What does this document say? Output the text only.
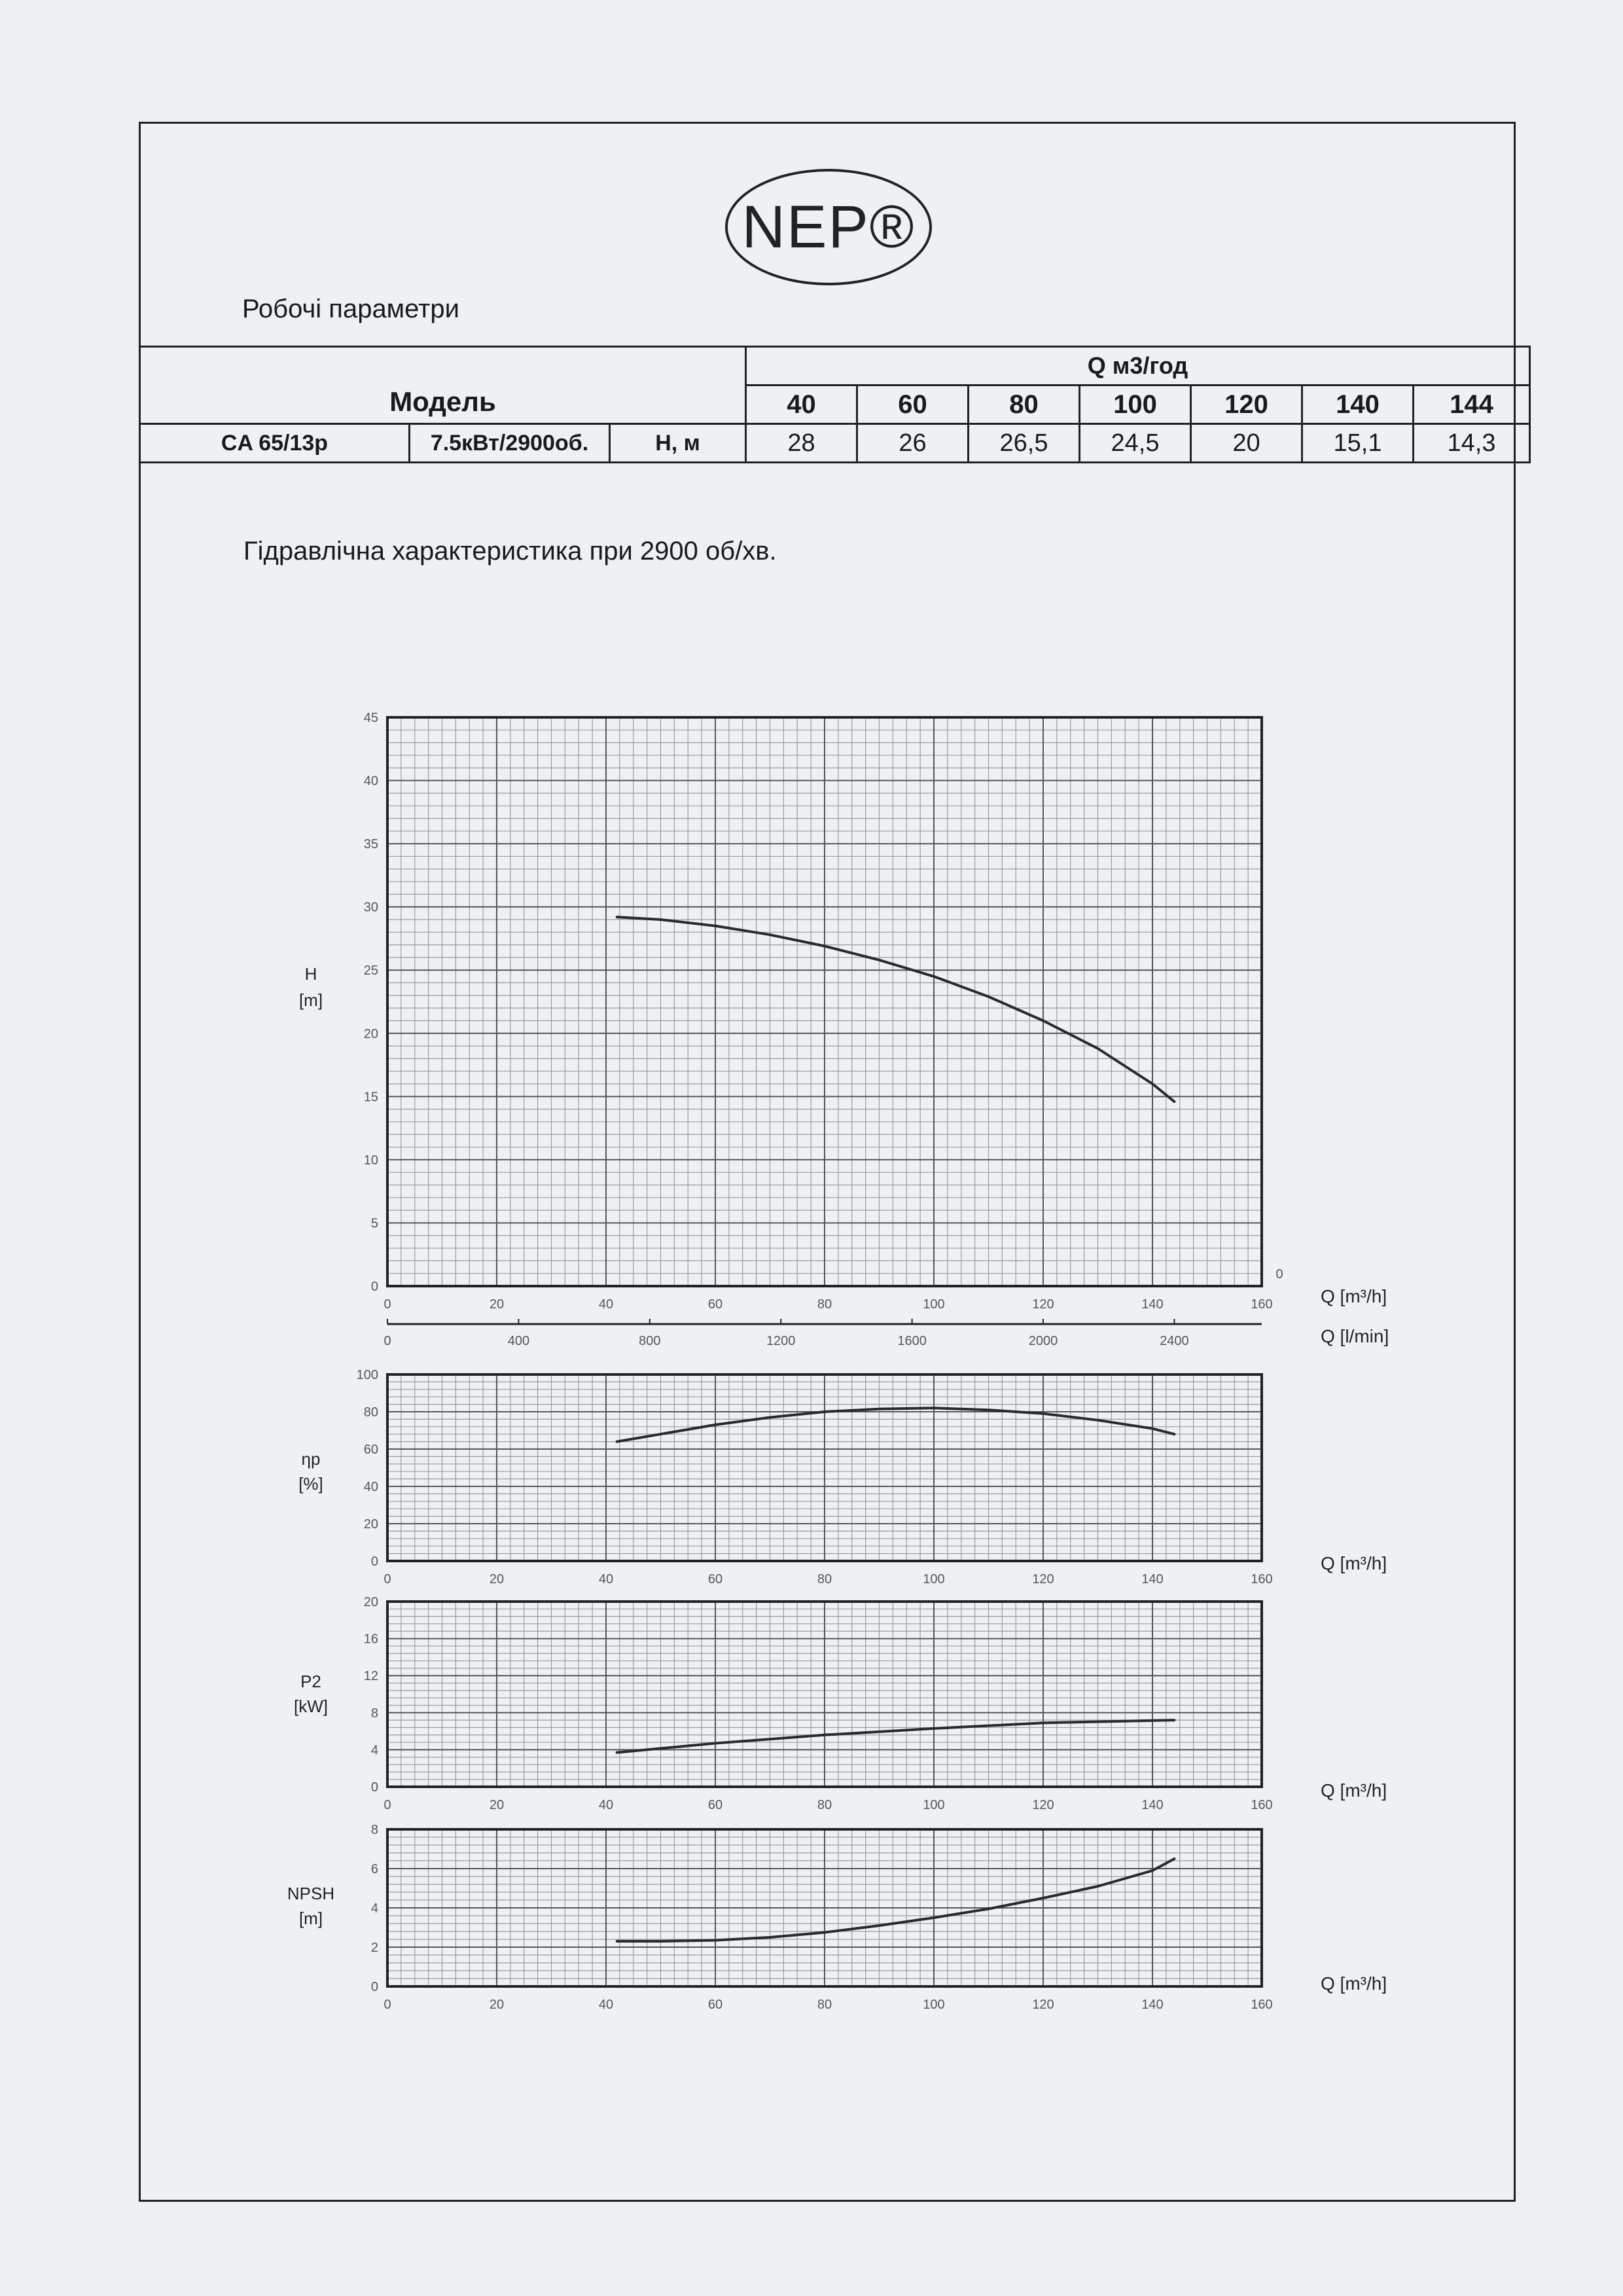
NEP®
Робочі параметри
Модель			Q м3/год						
			40	60	80	100	120	140	144
CA 65/13p	7.5кВт/2900об.	H, м	28	26	26,5	24,5	20	15,1	14,3
Гідравлічна характеристика при 2900 об/хв.
0	20	40	60	80	100	120	140	160
0
5
10
15
20
25
30
35
40
45
H
[m]
Q [m³/h]
0	400	800	1200	1600	2000	2400	Q [l/min]
0
0	20	40	60	80	100	120	140	160
0
20
40
60
80
100
ηp
[%]
Q [m³/h]
0	20	40	60	80	100	120	140	160
0
4
8
12
16
20
P2
[kW]
Q [m³/h]
0	20	40	60	80	100	120	140	160
0
2
4
6
8
NPSH
[m]
Q [m³/h]
